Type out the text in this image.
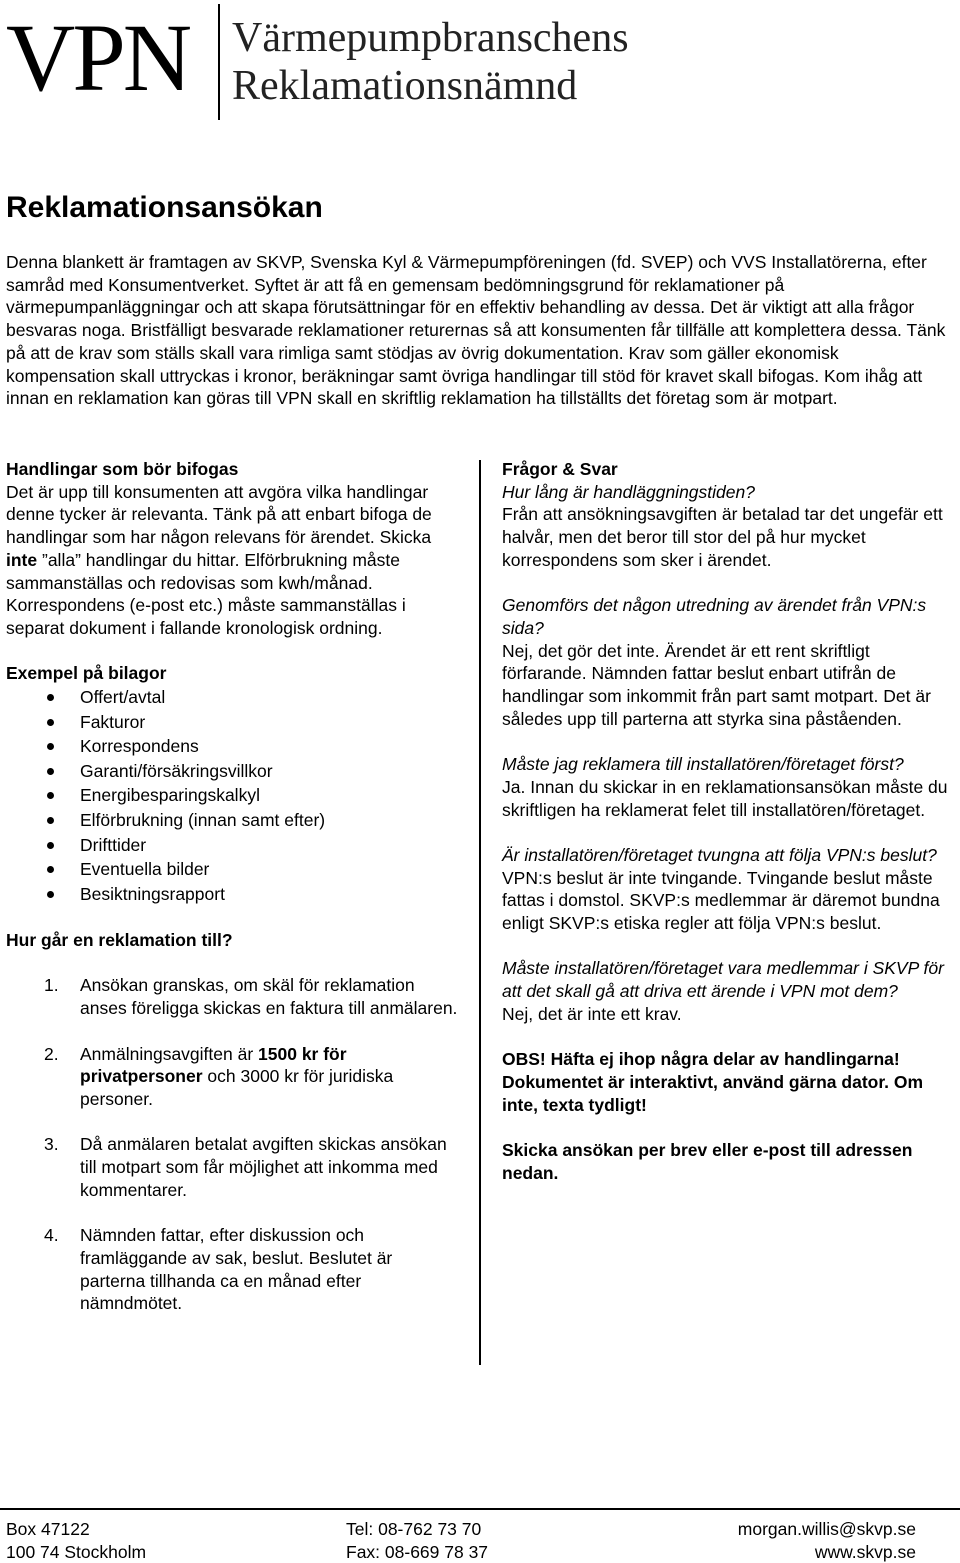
VPN Värmepumpbranschens
Reklamationsnämnd
Reklamationsansökan
Denna blankett är framtagen av SKVP, Svenska Kyl & Värmepumpföreningen (fd. SVEP) och VVS Installatörerna, efter samråd med Konsumentverket. Syftet är att få en gemensam bedömningsgrund för reklamationer på värmepumpanläggningar och att skapa förutsättningar för en effektiv behandling av dessa. Det är viktigt att alla frågor besvaras noga. Bristfälligt besvarade reklamationer returernas så att konsumenten får tillfälle att komplettera dessa. Tänk på att de krav som ställs skall vara rimliga samt stödjas av övrig dokumentation. Krav som gäller ekonomisk kompensation skall uttryckas i kronor, beräkningar samt övriga handlingar till stöd för kravet skall bifogas. Kom ihåg att innan en reklamation kan göras till VPN skall en skriftlig reklamation ha tillställts det företag som är motpart.

Handlingar som bör bifogas

Det är upp till konsumenten att avgöra vilka handlingar denne tycker är relevanta. Tänk på att enbart bifoga de handlingar som har någon relevans för ärendet. Skicka inte ”alla” handlingar du hittar. Elförbrukning måste sammanställas och redovisas som kwh/månad. Korrespondens (e-post etc.) måste sammanställas i separat dokument i fallande kronologisk ordning.

Exempel på bilagor

Offert/avtal
Fakturor
Korrespondens
Garanti/försäkringsvillkor
Energibesparingskalkyl
Elförbrukning (innan samt efter)
Drifttider
Eventuella bilder
Besiktningsrapport

Hur går en reklamation till?

1. Ansökan granskas, om skäl för reklamation anses föreligga skickas en faktura till anmälaren.
2. Anmälningsavgiften är 1500 kr för privatpersoner och 3000 kr för juridiska personer.
3. Då anmälaren betalat avgiften skickas ansökan till motpart som får möjlighet att inkomma med kommentarer.
4. Nämnden fattar, efter diskussion och framläggande av sak, beslut. Beslutet är parterna tillhanda ca en månad efter nämndmötet.

Frågor & Svar

Hur lång är handläggningstiden?

Från att ansökningsavgiften är betalad tar det ungefär ett halvår, men det beror till stor del på hur mycket korrespondens som sker i ärendet.

Genomförs det någon utredning av ärendet från VPN:s sida?

Nej, det gör det inte. Ärendet är ett rent skriftligt förfarande. Nämnden fattar beslut enbart utifrån de handlingar som inkommit från part samt motpart. Det är således upp till parterna att styrka sina påståenden.

Måste jag reklamera till installatören/företaget först?

Ja. Innan du skickar in en reklamationsansökan måste du skriftligen ha reklamerat felet till installatören/företaget.

Är installatören/företaget tvungna att följa VPN:s beslut?

VPN:s beslut är inte tvingande. Tvingande beslut måste fattas i domstol. SKVP:s medlemmar är däremot bundna enligt SKVP:s etiska regler att följa VPN:s beslut.

Måste installatören/företaget vara medlemmar i SKVP för att det skall gå att driva ett ärende i VPN mot dem?

Nej, det är inte ett krav.

OBS! Häfta ej ihop några delar av handlingarna! Dokumentet är interaktivt, använd gärna dator. Om inte, texta tydligt!

Skicka ansökan per brev eller e-post till adressen nedan.

Box 47122
100 74 Stockholm
Tel: 08-762 73 70
Fax: 08-669 78 37
morgan.willis@skvp.se
www.skvp.se
